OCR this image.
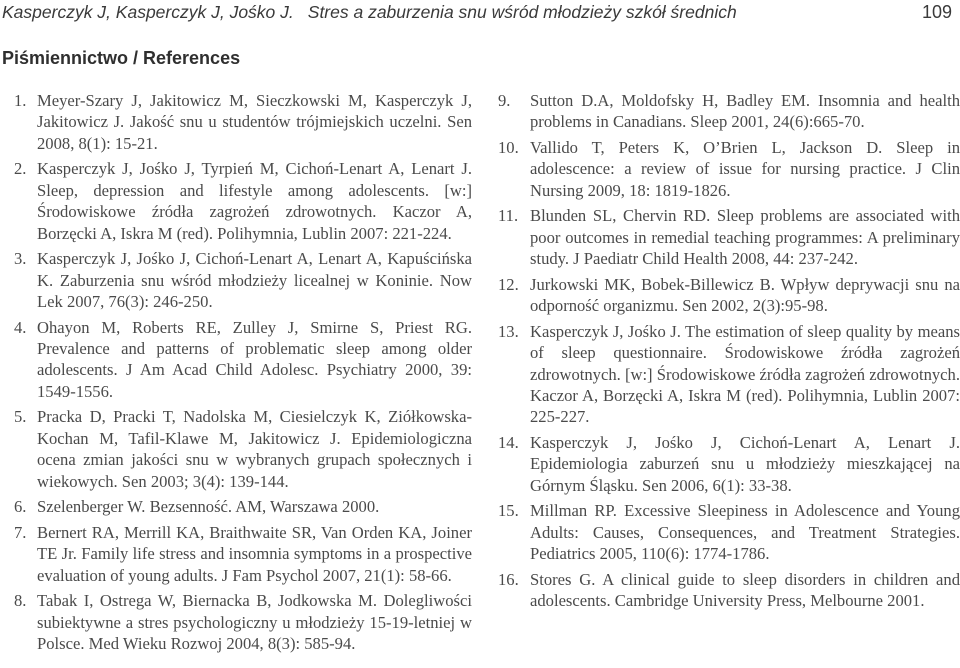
Kasperczyk J, Kasperczyk J, Jośko J. Stres a zaburzenia snu wśród młodzieży szkół średnich	109
Piśmiennictwo / References
1. Meyer-Szary J, Jakitowicz M, Sieczkowski M, Kasperczyk J, Jakitowicz J. Jakość snu u studentów trójmiejskich uczelni. Sen 2008, 8(1): 15-21.
2. Kasperczyk J, Jośko J, Tyrpień M, Cichoń-Lenart A, Lenart J. Sleep, depression and lifestyle among adolescents. [w:] Środowiskowe źródła zagrożeń zdrowotnych. Kaczor A, Borzęcki A, Iskra M (red). Polihymnia, Lublin 2007: 221-224.
3. Kasperczyk J, Jośko J, Cichoń-Lenart A, Lenart A, Kapuścińska K. Zaburzenia snu wśród młodzieży licealnej w Koninie. Now Lek 2007, 76(3): 246-250.
4. Ohayon M, Roberts RE, Zulley J, Smirne S, Priest RG. Prevalence and patterns of problematic sleep among older adolescents. J Am Acad Child Adolesc. Psychiatry 2000, 39: 1549-1556.
5. Pracka D, Pracki T, Nadolska M, Ciesielczyk K, Ziółkowska-Kochan M, Tafil-Klawe M, Jakitowicz J. Epidemiologiczna ocena zmian jakości snu w wybranych grupach społecznych i wiekowych. Sen 2003; 3(4): 139-144.
6. Szelenberger W. Bezsenność. AM, Warszawa 2000.
7. Bernert RA, Merrill KA, Braithwaite SR, Van Orden KA, Joiner TE Jr. Family life stress and insomnia symptoms in a prospective evaluation of young adults. J Fam Psychol 2007, 21(1): 58-66.
8. Tabak I, Ostrega W, Biernacka B, Jodkowska M. Dolegliwości subiektywne a stres psychologiczny u młodzieży 15-19-letniej w Polsce. Med Wieku Rozwoj 2004, 8(3): 585-94.
9. Sutton D.A, Moldofsky H, Badley EM. Insomnia and health problems in Canadians. Sleep 2001, 24(6):665-70.
10. Vallido T, Peters K, O’Brien L, Jackson D. Sleep in adolescence: a review of issue for nursing practice. J Clin Nursing 2009, 18: 1819-1826.
11. Blunden SL, Chervin RD. Sleep problems are associated with poor outcomes in remedial teaching programmes: A preliminary study. J Paediatr Child Health 2008, 44: 237-242.
12. Jurkowski MK, Bobek-Billewicz B. Wpływ deprywacji snu na odporność organizmu. Sen 2002, 2(3):95-98.
13. Kasperczyk J, Jośko J. The estimation of sleep quality by means of sleep questionnaire. Środowiskowe źródła zagrożeń zdrowotnych. [w:] Środowiskowe źródła zagrożeń zdrowotnych. Kaczor A, Borzęcki A, Iskra M (red). Polihymnia, Lublin 2007: 225-227.
14. Kasperczyk J, Jośko J, Cichoń-Lenart A, Lenart J. Epidemiologia zaburzeń snu u młodzieży mieszkającej na Górnym Śląsku. Sen 2006, 6(1): 33-38.
15. Millman RP. Excessive Sleepiness in Adolescence and Young Adults: Causes, Consequences, and Treatment Strategies. Pediatrics 2005, 110(6): 1774-1786.
16. Stores G. A clinical guide to sleep disorders in children and adolescents. Cambridge University Press, Melbourne 2001.
